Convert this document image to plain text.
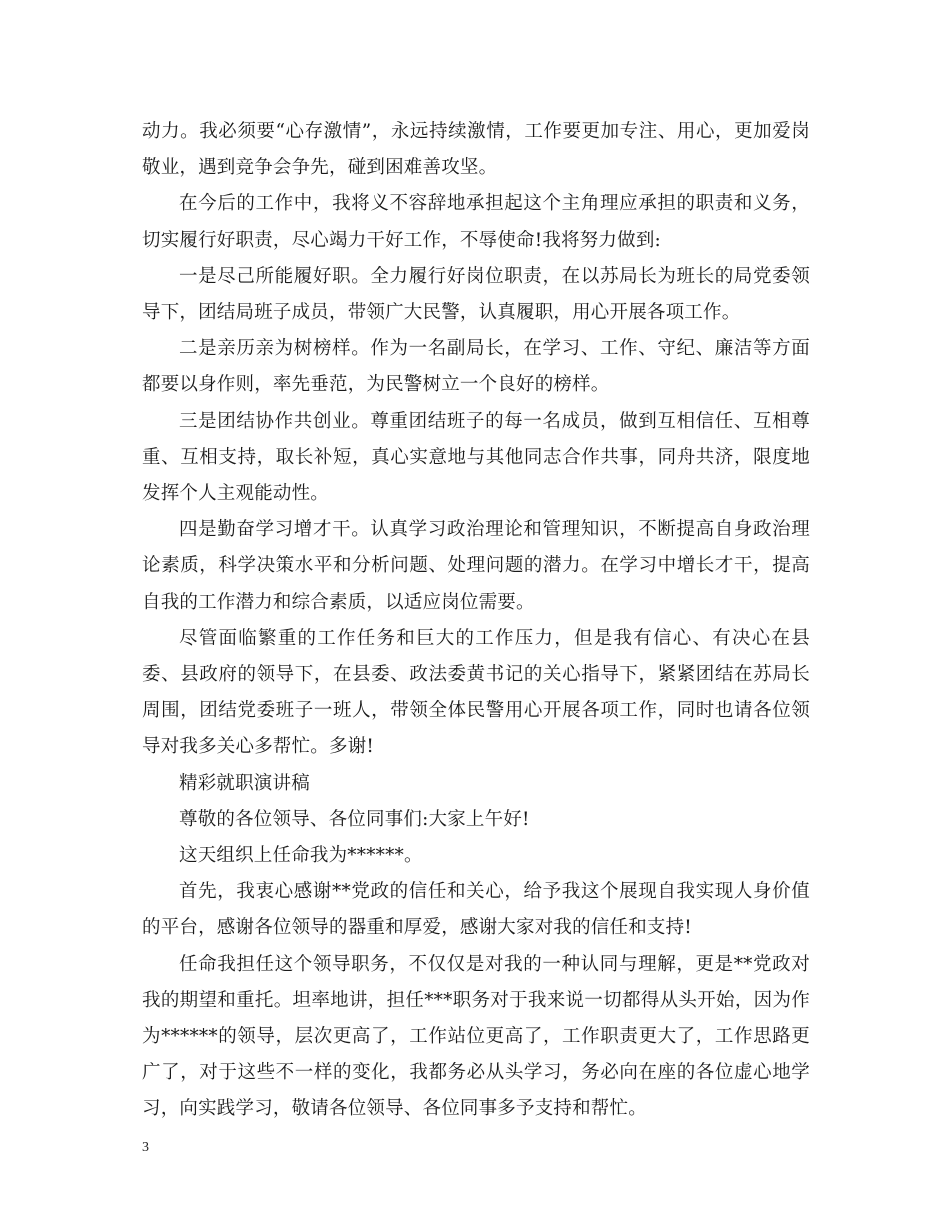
动力。我必须要“心存激情”，永远持续激情，工作要更加专注、用心，更加爱岗敬业，遇到竞争会争先，碰到困难善攻坚。

在今后的工作中，我将义不容辞地承担起这个主角理应承担的职责和义务，切实履行好职责，尽心竭力干好工作，不辱使命!我将努力做到:

一是尽己所能履好职。全力履行好岗位职责，在以苏局长为班长的局党委领导下，团结局班子成员，带领广大民警，认真履职，用心开展各项工作。

二是亲历亲为树榜样。作为一名副局长，在学习、工作、守纪、廉洁等方面都要以身作则，率先垂范，为民警树立一个良好的榜样。

三是团结协作共创业。尊重团结班子的每一名成员，做到互相信任、互相尊重、互相支持，取长补短，真心实意地与其他同志合作共事，同舟共济，限度地发挥个人主观能动性。

四是勤奋学习增才干。认真学习政治理论和管理知识，不断提高自身政治理论素质，科学决策水平和分析问题、处理问题的潜力。在学习中增长才干，提高自我的工作潜力和综合素质，以适应岗位需要。

尽管面临繁重的工作任务和巨大的工作压力，但是我有信心、有决心在县委、县政府的领导下，在县委、政法委黄书记的关心指导下，紧紧团结在苏局长周围，团结党委班子一班人，带领全体民警用心开展各项工作，同时也请各位领导对我多关心多帮忙。多谢!

精彩就职演讲稿

尊敬的各位领导、各位同事们:大家上午好!

这天组织上任命我为******。

首先，我衷心感谢**党政的信任和关心，给予我这个展现自我实现人身价值的平台，感谢各位领导的器重和厚爱，感谢大家对我的信任和支持!

任命我担任这个领导职务，不仅仅是对我的一种认同与理解，更是**党政对我的期望和重托。坦率地讲，担任***职务对于我来说一切都得从头开始，因为作为******的领导，层次更高了，工作站位更高了，工作职责更大了，工作思路更广了，对于这些不一样的变化，我都务必从头学习，务必向在座的各位虚心地学习，向实践学习，敬请各位领导、各位同事多予支持和帮忙。

3
